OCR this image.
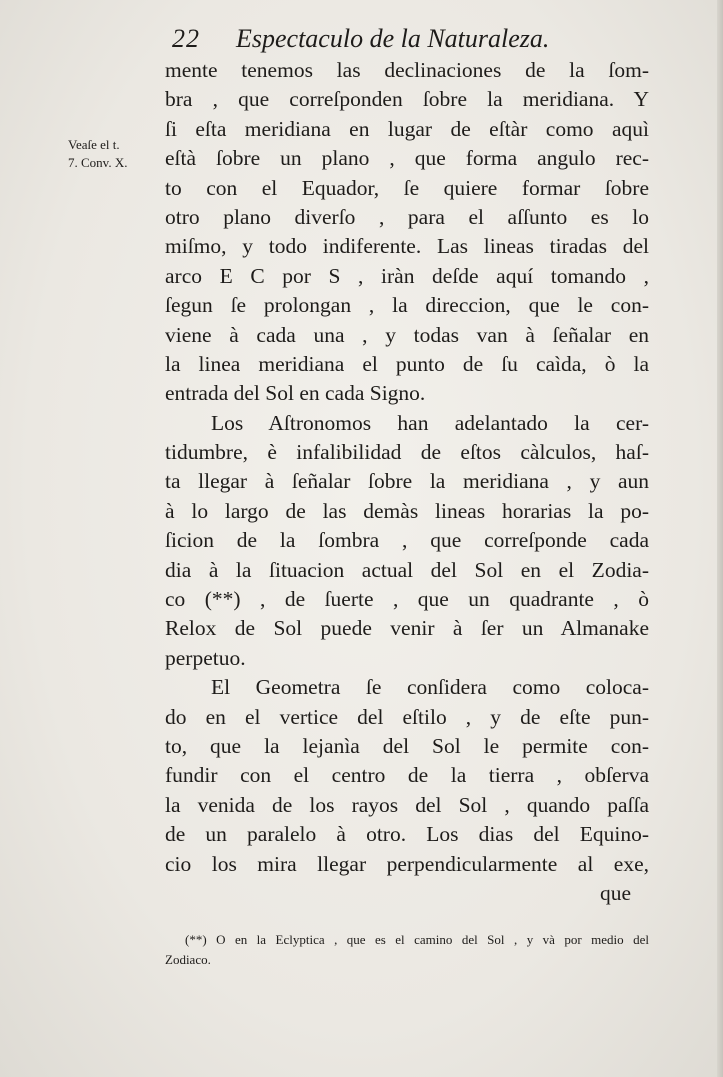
22 Espectaculo de la Naturaleza.
Veaſe el t.
7. Conv. X.
mente tenemos las declinaciones de la ſom-
bra , que correſponden ſobre la meridiana. Y
ſi eſta meridiana en lugar de eſtàr como aquì
eſtà ſobre un plano , que forma angulo rec-
to con el Equador, ſe quiere formar ſobre
otro plano diverſo , para el aſſunto es lo
miſmo, y todo indiferente. Las lineas tiradas del
arco E C por S , iràn deſde aquí tomando ,
ſegun ſe prolongan , la direccion, que le con-
viene à cada una , y todas van à ſeñalar en
la linea meridiana el punto de ſu caìda, ò la
entrada del Sol en cada Signo.
Los Aſtronomos han adelantado la cer-
tidumbre, è infalibilidad de eſtos càlculos, haſ-
ta llegar à ſeñalar ſobre la meridiana , y aun
à lo largo de las demàs lineas horarias la po-
ſicion de la ſombra , que correſponde cada
dia à la ſituacion actual del Sol en el Zodia-
co (**) , de ſuerte , que un quadrante , ò
Relox de Sol puede venir à ſer un Almanake
perpetuo.
El Geometra ſe conſidera como coloca-
do en el vertice del eſtilo , y de eſte pun-
to, que la lejanìa del Sol le permite con-
fundir con el centro de la tierra , obſerva
la venida de los rayos del Sol , quando paſſa
de un paralelo à otro. Los dias del Equino-
cio los mira llegar perpendicularmente al exe,
que
(**) O en la Eclyptica , que es el camino del Sol , y và por medio del
Zodiaco.
